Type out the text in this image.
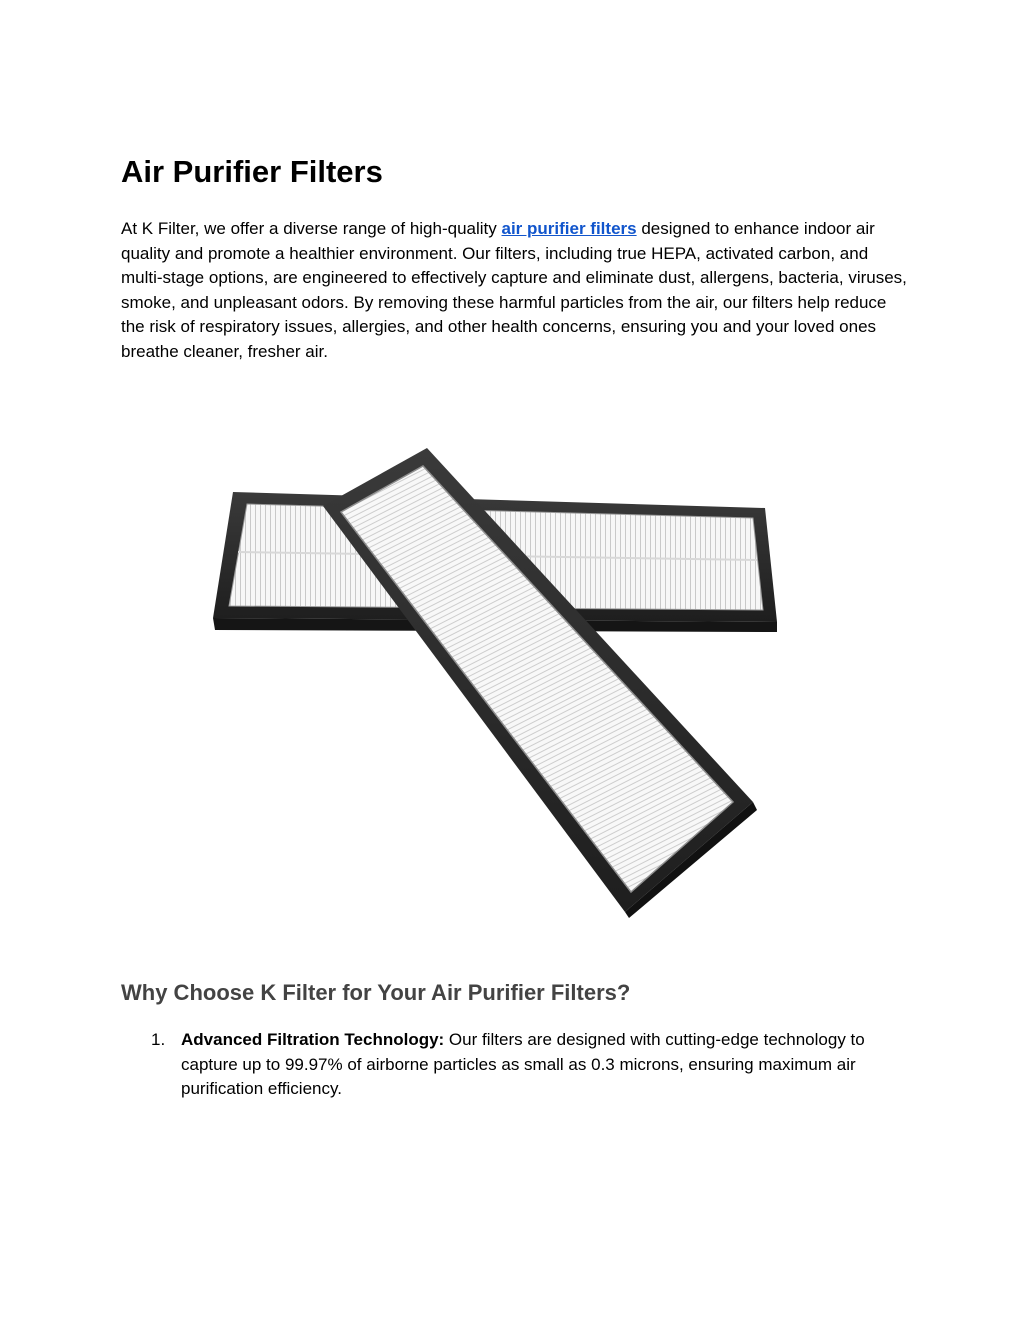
Air Purifier Filters

At K Filter, we offer a diverse range of high-quality air purifier filters designed to enhance indoor air quality and promote a healthier environment. Our filters, including true HEPA, activated carbon, and multi-stage options, are engineered to effectively capture and eliminate dust, allergens, bacteria, viruses, smoke, and unpleasant odors. By removing these harmful particles from the air, our filters help reduce the risk of respiratory issues, allergies, and other health concerns, ensuring you and your loved ones breathe cleaner, fresher air.

Why Choose K Filter for Your Air Purifier Filters?
1. Advanced Filtration Technology: Our filters are designed with cutting-edge technology to capture up to 99.97% of airborne particles as small as 0.3 microns, ensuring maximum air purification efficiency.
